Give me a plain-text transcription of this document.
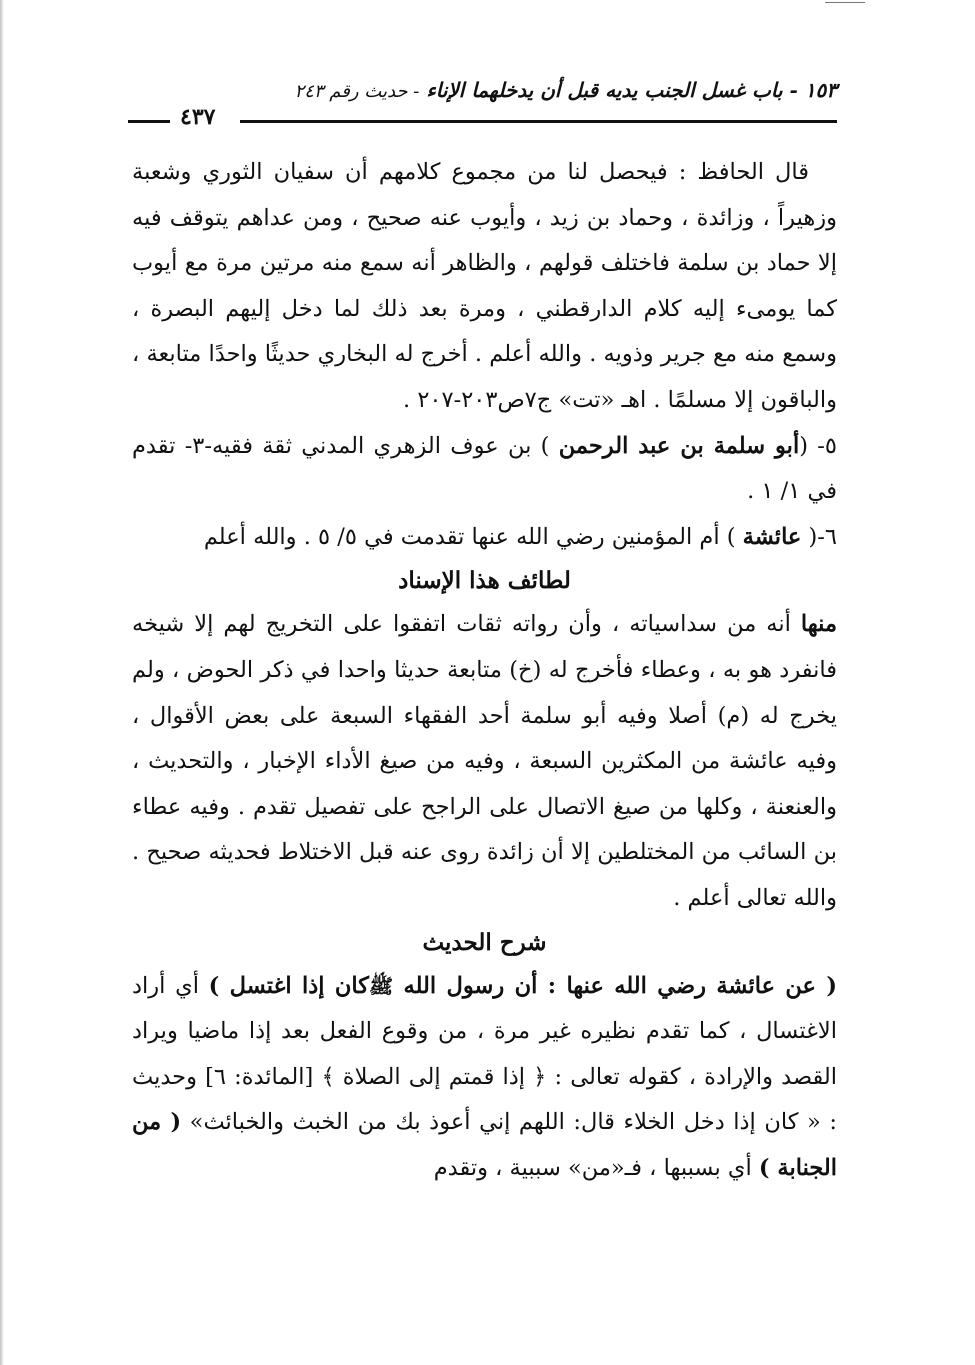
١٥٣ - باب غسل الجنب يديه قبل أن يدخلهما الإناء - حديث رقم ٢٤٣
٤٣٧

قال الحافظ : فيحصل لنا من مجموع كلامهم أن سفيان الثوري وشعبة وزهيراً ، وزائدة ، وحماد بن زيد ، وأيوب عنه صحيح ، ومن عداهم يتوقف فيه إلا حماد بن سلمة فاختلف قولهم ، والظاهر أنه سمع منه مرتين مرة مع أيوب كما يومىء إليه كلام الدارقطني ، ومرة بعد ذلك لما دخل إليهم البصرة ، وسمع منه مع جرير وذويه . والله أعلم . أخرج له البخاري حديثًا واحدًا متابعة ، والباقون إلا مسلمًا . اهـ «تت» ج٧ص٢٠٣-٢٠٧ .

٥- (أبو سلمة بن عبد الرحمن ) بن عوف الزهري المدني ثقة فقيه-٣- تقدم في ١/ ١ .

٦-( عائشة ) أم المؤمنين رضي الله عنها تقدمت في ٥/ ٥ . والله أعلم

لطائف هذا الإسناد

منها أنه من سداسياته ، وأن رواته ثقات اتفقوا على التخريج لهم إلا شيخه فانفرد هو به ، وعطاء فأخرج له (خ) متابعة حديثا واحدا في ذكر الحوض ، ولم يخرج له (م) أصلا وفيه أبو سلمة أحد الفقهاء السبعة على بعض الأقوال ، وفيه عائشة من المكثرين السبعة ، وفيه من صيغ الأداء الإخبار ، والتحديث ، والعنعنة ، وكلها من صيغ الاتصال على الراجح على تفصيل تقدم . وفيه عطاء بن السائب من المختلطين إلا أن زائدة روى عنه قبل الاختلاط فحديثه صحيح . والله تعالى أعلم .

شرح الحديث

( عن عائشة رضي الله عنها : أن رسول الله ﷺكان إذا اغتسل ) أي أراد الاغتسال ، كما تقدم نظيره غير مرة ، من وقوع الفعل بعد إذا ماضيا ويراد القصد والإرادة ، كقوله تعالى : ﴿ إذا قمتم إلى الصلاة ﴾ [المائدة: ٦] وحديث : « كان إذا دخل الخلاء قال: اللهم إني أعوذ بك من الخبث والخبائث» ( من الجنابة ) أي بسببها ، فـ«من» سببية ، وتقدم
